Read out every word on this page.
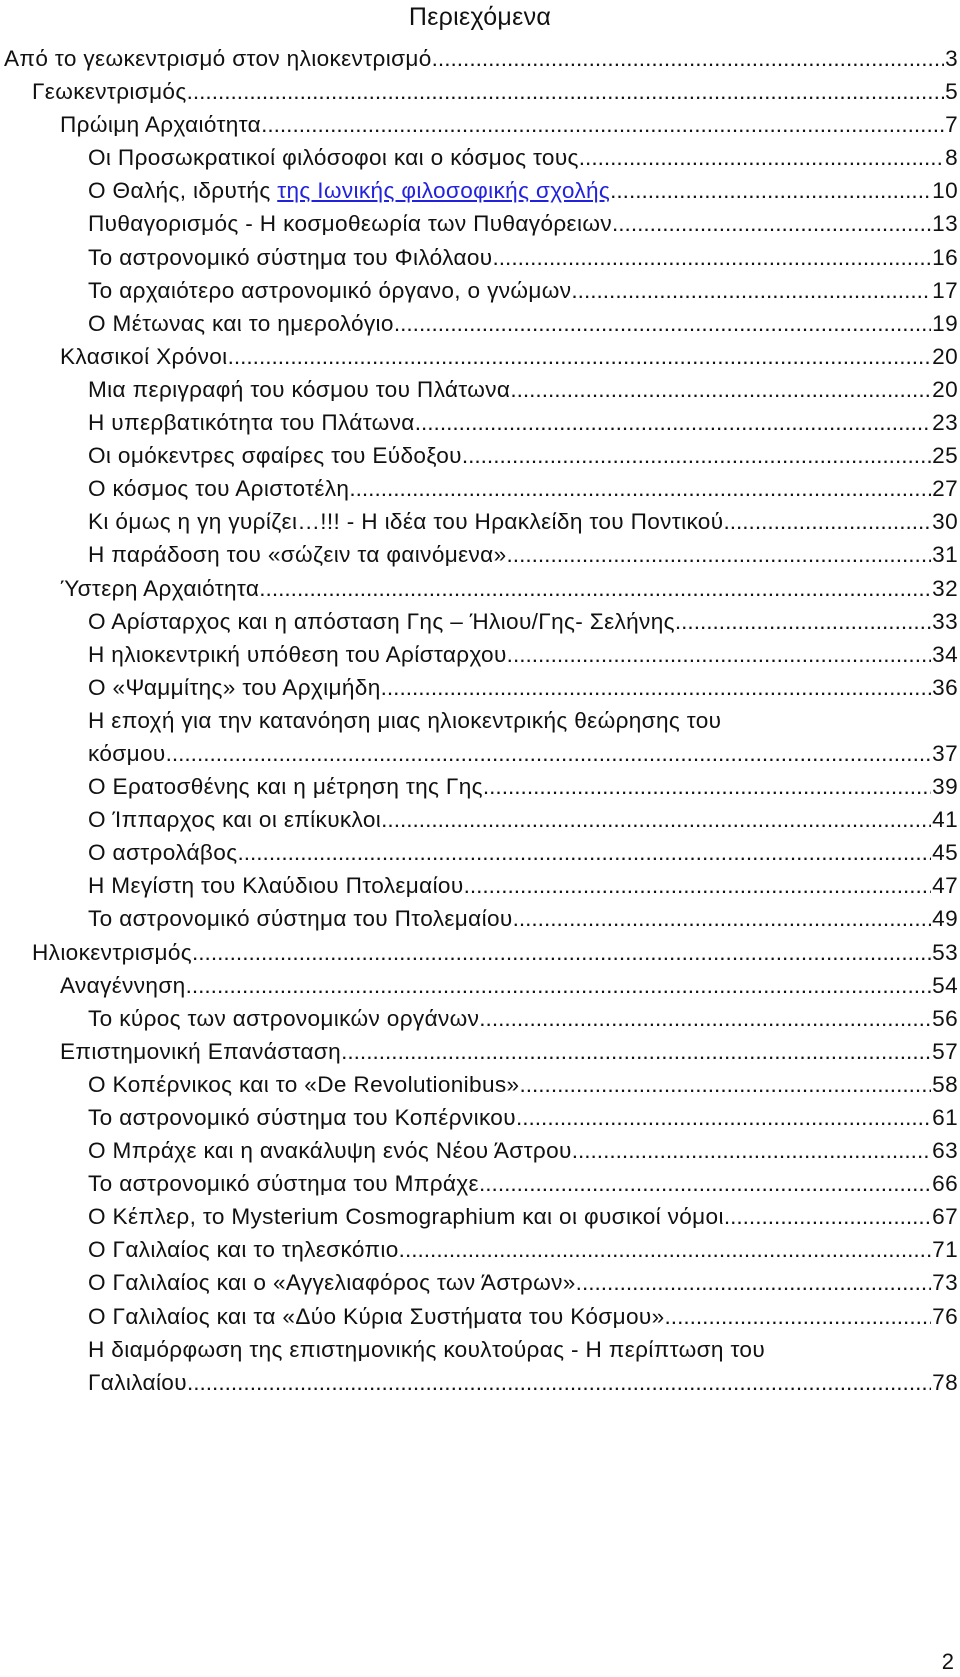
Περιεχόμενα
Από το γεωκεντρισμό στον ηλιοκεντρισμό .....	3
Γεωκεντρισμός .....	5
Πρώιμη Αρχαιότητα .....	7
Οι Προσωκρατικοί φιλόσοφοι και ο κόσμος τους .....	8
Ο Θαλής, ιδρυτής της Ιωνικής φιλοσοφικής σχολής .....	10
Πυθαγορισμός - Η κοσμοθεωρία των Πυθαγόρειων .....	13
Το αστρονομικό σύστημα του Φιλόλαου .....	16
Το αρχαιότερο αστρονομικό όργανο, ο γνώμων .....	17
Ο Μέτωνας και το ημερολόγιο .....	19
Κλασικοί Χρόνοι .....	20
Μια περιγραφή του κόσμου του Πλάτωνα .....	20
Η υπερβατικότητα του Πλάτωνα .....	23
Οι ομόκεντρες σφαίρες του Εύδοξου .....	25
Ο κόσμος του Αριστοτέλη .....	27
Κι όμως η γη γυρίζει…!!! - Η ιδέα του Ηρακλείδη του Ποντικού .....	30
Η παράδοση του «σώζειν τα φαινόμενα» .....	31
Ύστερη Αρχαιότητα .....	32
Ο Αρίσταρχος και η απόσταση Γης – Ήλιου/Γης- Σελήνης .....	33
Η ηλιοκεντρική υπόθεση του Αρίσταρχου .....	34
Ο «Ψαμμίτης» του Αρχιμήδη .....	36
Η εποχή για την κατανόηση μιας ηλιοκεντρικής θεώρησης του
κόσμου .....	37
Ο Ερατοσθένης και η μέτρηση της Γης .....	39
Ο Ίππαρχος και οι επίκυκλοι .....	41
Ο αστρολάβος .....	45
Η Μεγίστη του Κλαύδιου Πτολεμαίου .....	47
Το αστρονομικό σύστημα του Πτολεμαίου .....	49
Ηλιοκεντρισμός .....	53
Αναγέννηση .....	54
Το κύρος των αστρονομικών οργάνων .....	56
Επιστημονική Επανάσταση .....	57
Ο Κοπέρνικος και το «De Revolutionibus» .....	58
Το αστρονομικό σύστημα του Κοπέρνικου .....	61
Ο Μπράχε και η ανακάλυψη ενός Νέου Άστρου .....	63
Το αστρονομικό σύστημα του Μπράχε .....	66
Ο Κέπλερ, το Mysterium Cosmographium και οι φυσικοί νόμοι .....	67
Ο Γαλιλαίος και το τηλεσκόπιο .....	71
Ο Γαλιλαίος και ο «Αγγελιαφόρος των Άστρων» .....	73
Ο Γαλιλαίος και τα «Δύο Κύρια Συστήματα του Κόσμου» .....	76
Η διαμόρφωση της επιστημονικής κουλτούρας - Η περίπτωση του
Γαλιλαίου .....	78
2
